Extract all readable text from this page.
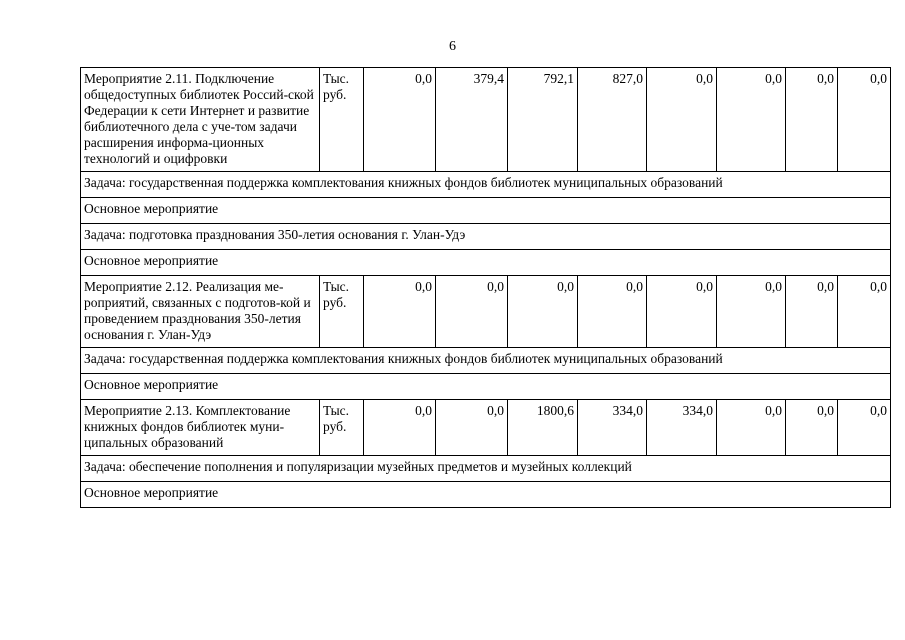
6
Мероприятие 2.11. Подключение общедоступных библиотек Россий-ской Федерации к сети Интернет и развитие библиотечного дела с уче-том задачи расширения информа-ционных технологий и оцифровки	Тыс. руб.	0,0	379,4	792,1	827,0	0,0	0,0	0,0	0,0
Задача: государственная поддержка комплектования книжных фондов библиотек муниципальных образований									
Основное мероприятие									
Задача: подготовка празднования 350-летия основания г. Улан-Удэ									
Основное мероприятие									
Мероприятие 2.12. Реализация ме-роприятий, связанных с подготов-кой и проведением празднования 350-летия основания г. Улан-Удэ	Тыс. руб.	0,0	0,0	0,0	0,0	0,0	0,0	0,0	0,0
Задача: государственная поддержка комплектования книжных фондов библиотек муниципальных образований									
Основное мероприятие									
Мероприятие 2.13. Комплектование книжных фондов библиотек муни-ципальных образований	Тыс. руб.	0,0	0,0	1800,6	334,0	334,0	0,0	0,0	0,0
Задача: обеспечение пополнения и популяризации музейных предметов и музейных коллекций									
Основное мероприятие									
